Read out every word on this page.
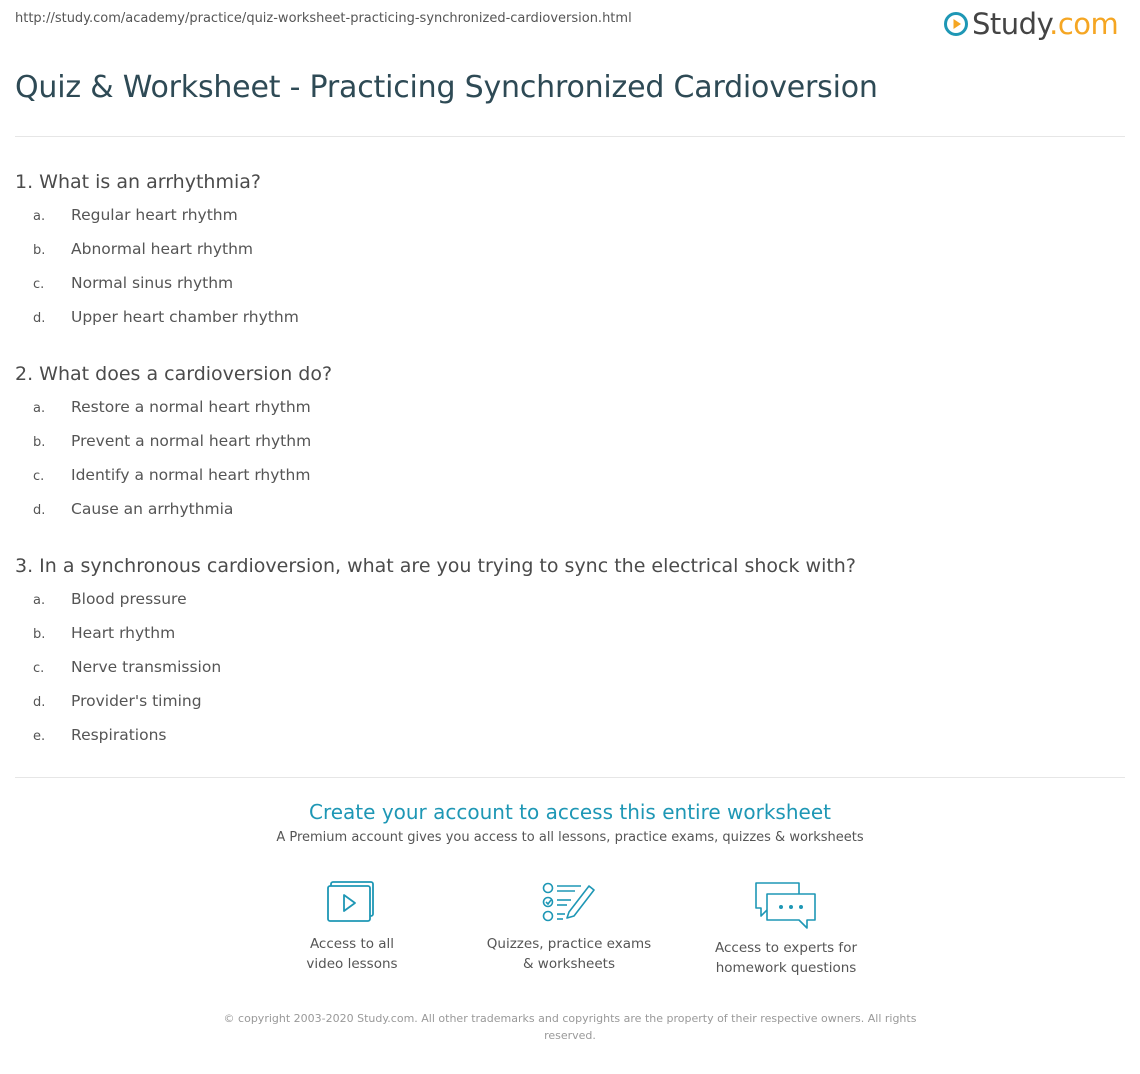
http://study.com/academy/practice/quiz-worksheet-practicing-synchronized-cardioversion.html	Study.com
Quiz & Worksheet - Practicing Synchronized Cardioversion
1. What is an arrhythmia?
a.	Regular heart rhythm
b.	Abnormal heart rhythm
c.	Normal sinus rhythm
d.	Upper heart chamber rhythm
2. What does a cardioversion do?
a.	Restore a normal heart rhythm
b.	Prevent a normal heart rhythm
c.	Identify a normal heart rhythm
d.	Cause an arrhythmia
3. In a synchronous cardioversion, what are you trying to sync the electrical shock with?
a.	Blood pressure
b.	Heart rhythm
c.	Nerve transmission
d.	Provider's timing
e.	Respirations
Create your account to access this entire worksheet
A Premium account gives you access to all lessons, practice exams, quizzes & worksheets
Access to all
video lessons
Quizzes, practice exams
& worksheets
Access to experts for
homework questions
© copyright 2003-2020 Study.com. All other trademarks and copyrights are the property of their respective owners. All rights reserved.
